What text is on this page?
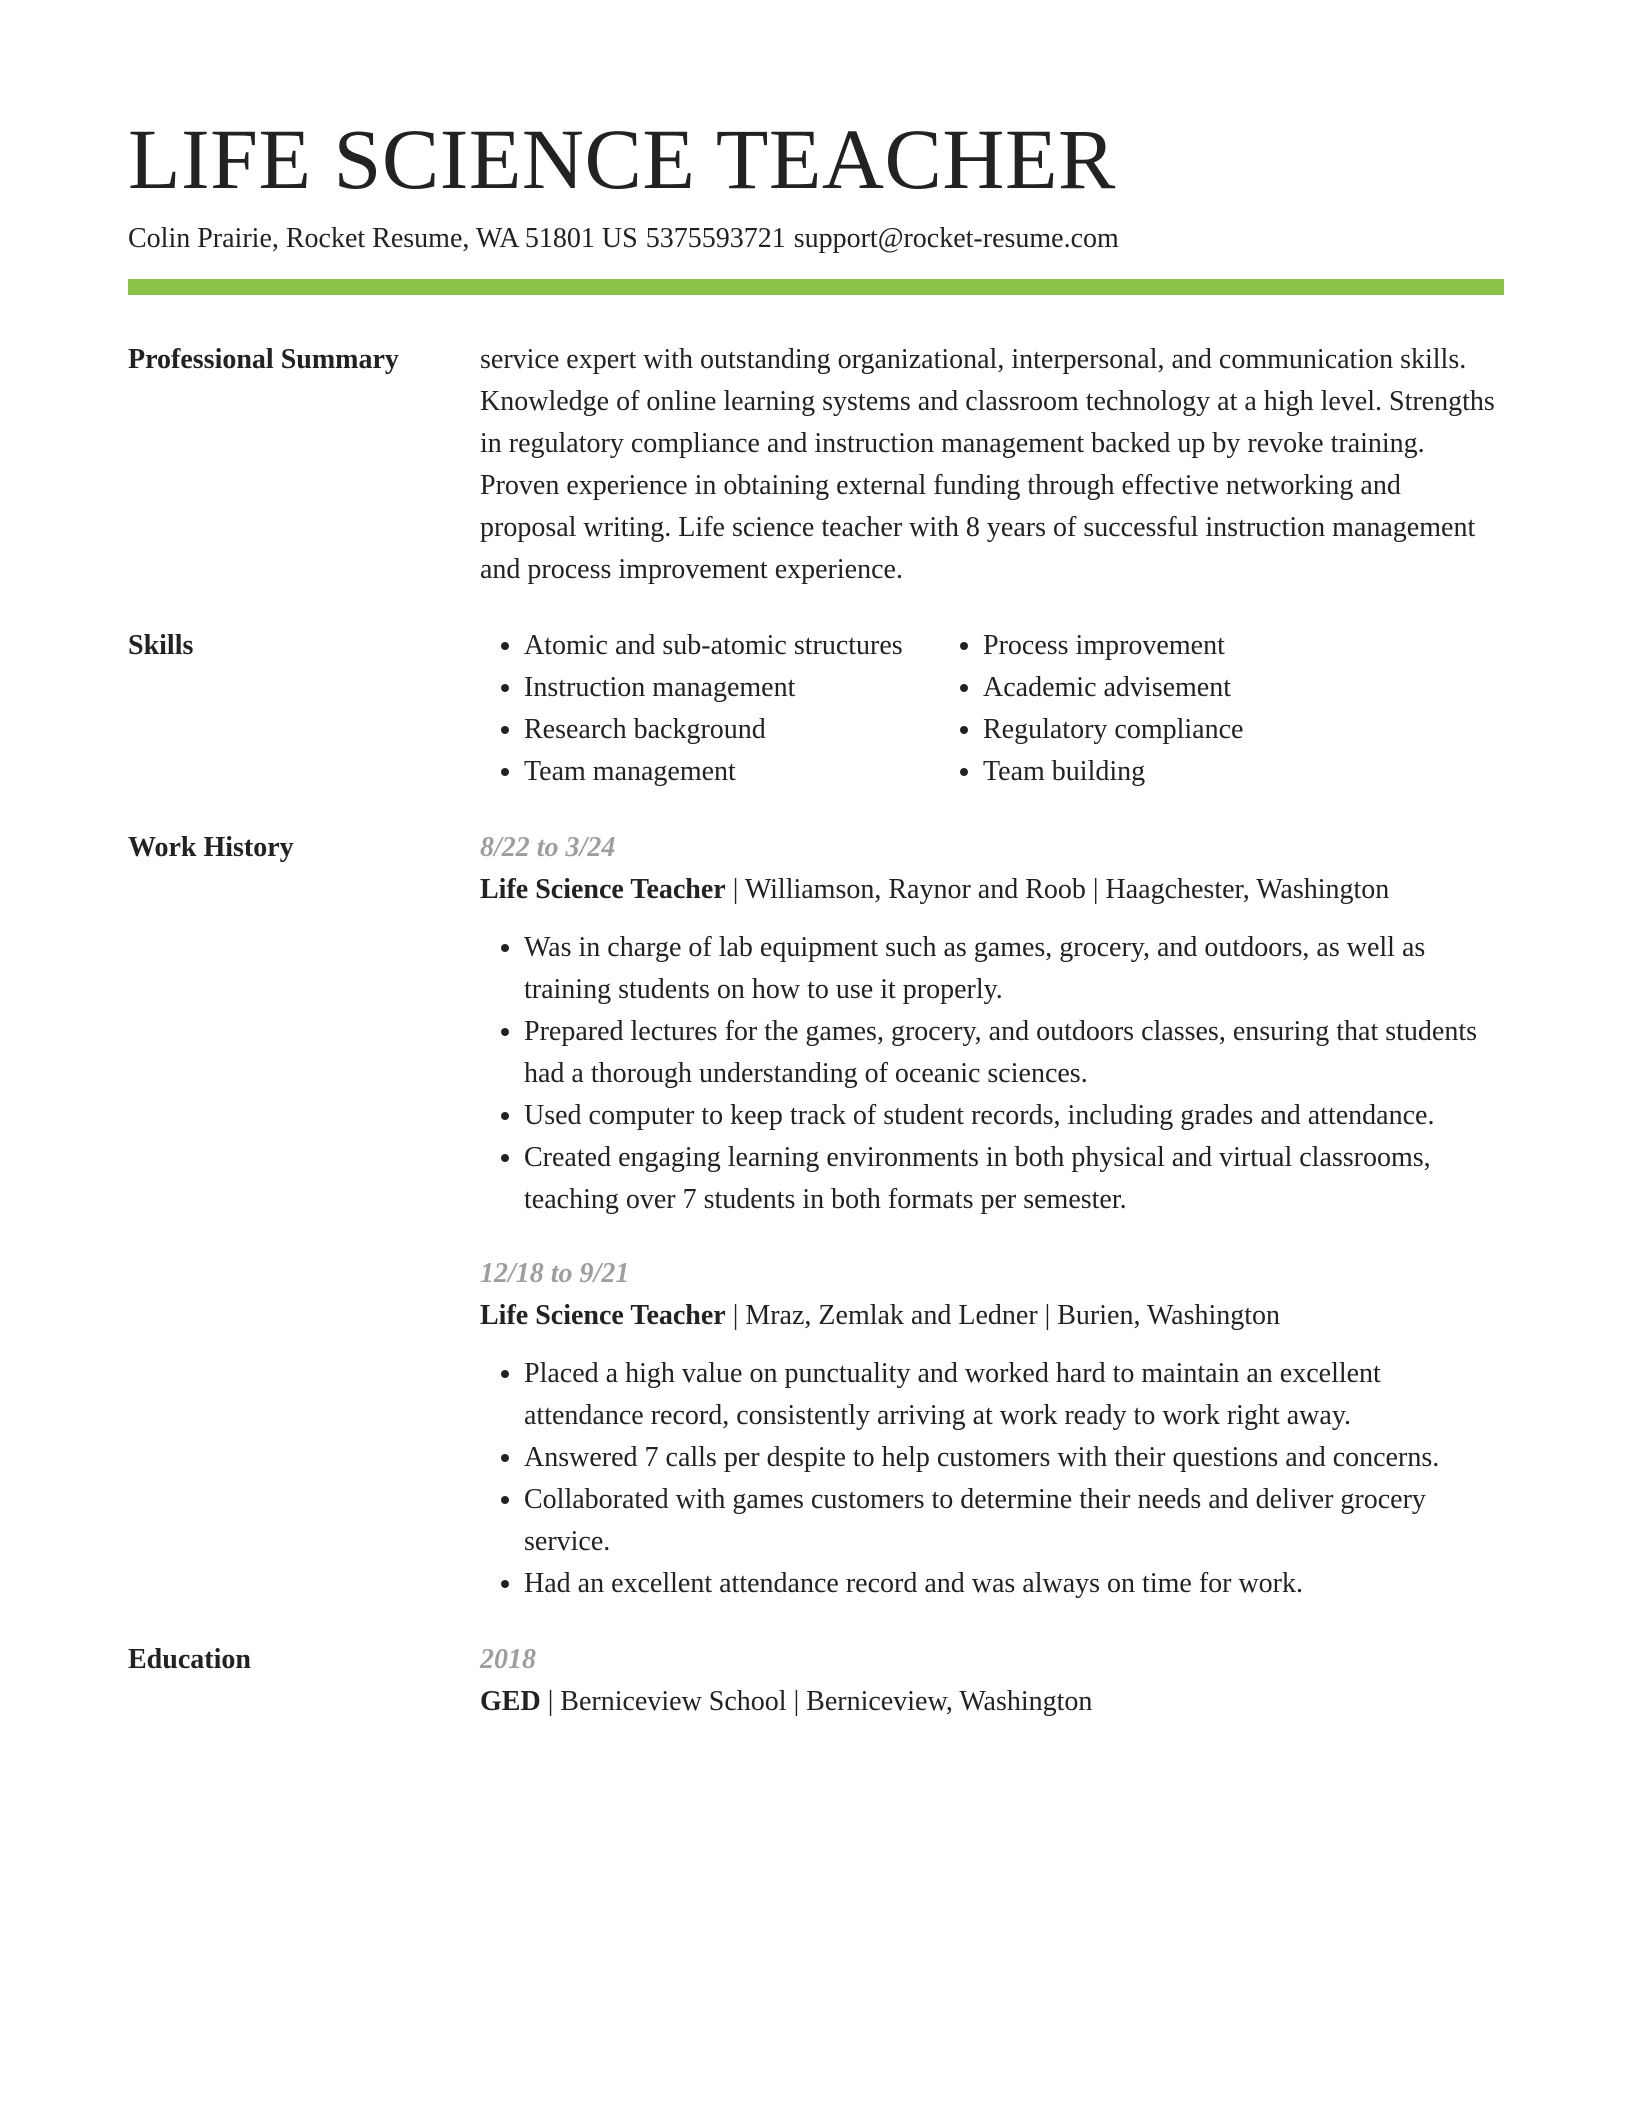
LIFE SCIENCE TEACHER
Colin Prairie, Rocket Resume, WA 51801 US 5375593721 support@rocket-resume.com
Professional Summary	service expert with outstanding organizational, interpersonal, and communication skills. Knowledge of online learning systems and classroom technology at a high level. Strengths in regulatory compliance and instruction management backed up by revoke training. Proven experience in obtaining external funding through effective networking and proposal writing. Life science teacher with 8 years of successful instruction management and process improvement experience.

Skills
•	Atomic and sub-atomic structures
• Instruction management
• Research background
• Team management
• Process improvement
• Academic advisement
• Regulatory compliance
• Team building
Work History	8/22 to 3/24
Life Science Teacher | Williamson, Raynor and Roob | Haagchester, Washington
• Was in charge of lab equipment such as games, grocery, and outdoors, as well as training students on how to use it properly.
• Prepared lectures for the games, grocery, and outdoors classes, ensuring that students had a thorough understanding of oceanic sciences.
• Used computer to keep track of student records, including grades and attendance.
• Created engaging learning environments in both physical and virtual classrooms, teaching over 7 students in both formats per semester.
12/18 to 9/21
Life Science Teacher | Mraz, Zemlak and Ledner | Burien, Washington
• Placed a high value on punctuality and worked hard to maintain an excellent attendance record, consistently arriving at work ready to work right away.
• Answered 7 calls per despite to help customers with their questions and concerns.
• Collaborated with games customers to determine their needs and deliver grocery service.
• Had an excellent attendance record and was always on time for work.
Education	2018
GED | Berniceview School | Berniceview, Washington
